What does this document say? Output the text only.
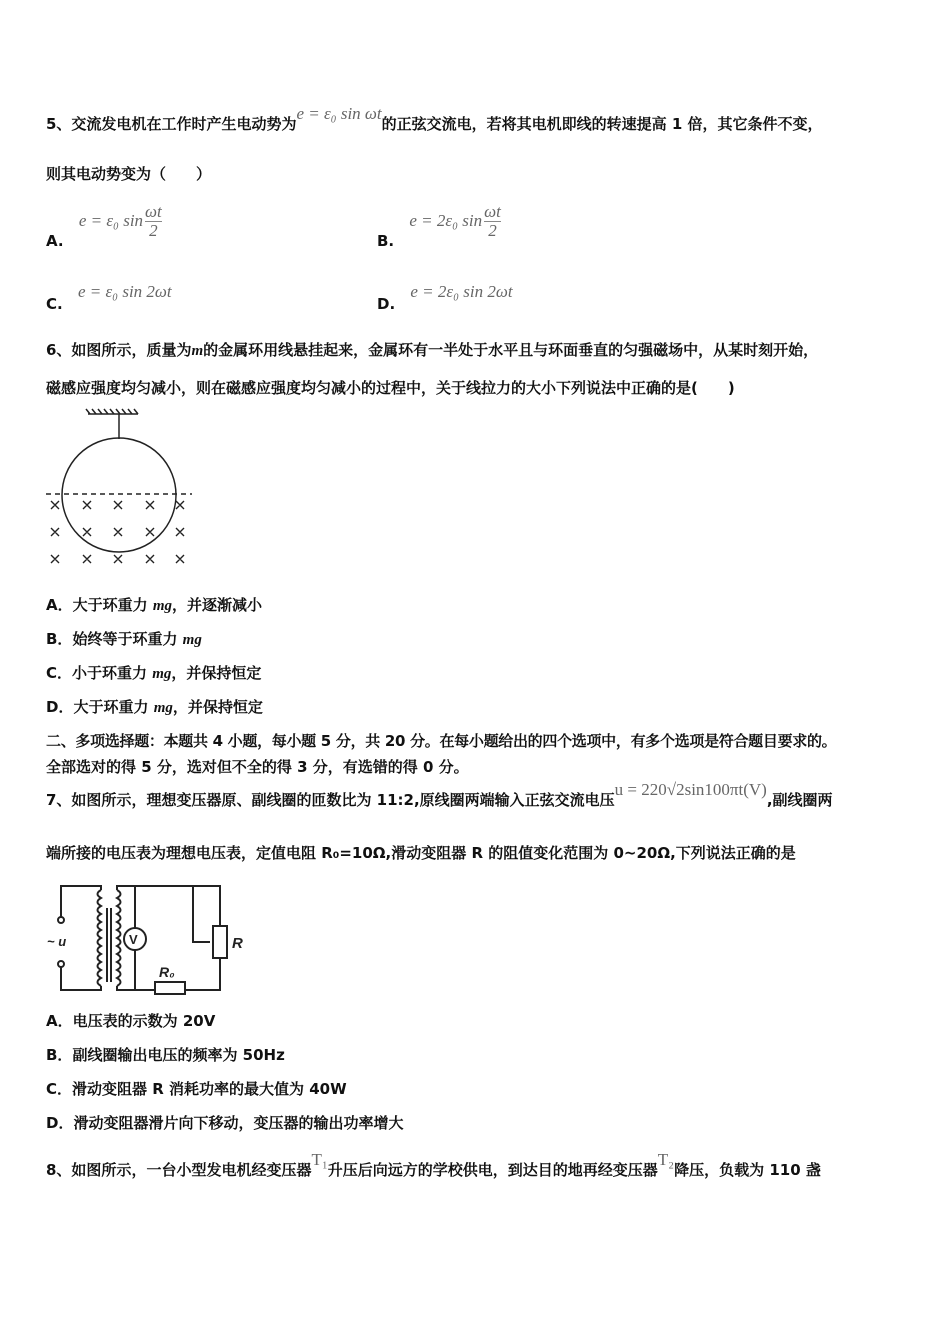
5、交流发电机在工作时产生电动势为e = ε₀ sin ωt的正弦交流电，若将其电机即线的转速提高 1 倍，其它条件不变，
则其电动势变为（　　）
A. e = ε₀ $\sin \frac{\omega t}{2}$
B. e = 2ε₀ $\sin \frac{\omega t}{2}$
C. e = ε₀ sin 2ωt
D. e = 2ε₀ sin 2ωt
6、如图所示，质量为m的金属环用线悬挂起来，金属环有一半处于水平且与环面垂直的匀强磁场中，从某时刻开始，
磁感应强度均匀减小，则在磁感应强度均匀减小的过程中，关于线拉力的大小下列说法中正确的是(　　)
A．大于环重力 mg，并逐渐减小
B．始终等于环重力 mg
C．小于环重力 mg，并保持恒定
D．大于环重力 mg，并保持恒定
二、多项选择题：本题共 4 小题，每小题 5 分，共 20 分。在每小题给出的四个选项中，有多个选项是符合题目要求的。
全部选对的得 5 分，选对但不全的得 3 分，有选错的得 0 分。
7、如图所示，理想变压器原、副线圈的匝数比为 11:2,原线圈两端输入正弦交流电压u = 220√2sin100πt(V),副线圈两
端所接的电压表为理想电压表，定值电阻 R₀=10Ω,滑动变阻器 R 的阻值变化范围为 0~20Ω,下列说法正确的是
V
~ u
R₀
R
A．电压表的示数为 20V
B．副线圈输出电压的频率为 50Hz
C．滑动变阻器 R 消耗功率的最大值为 40W
D．滑动变阻器滑片向下移动，变压器的输出功率增大
8、如图所示，一台小型发电机经变压器T₁升压后向远方的学校供电，到达目的地再经变压器T₂降压，负载为 110 盏
